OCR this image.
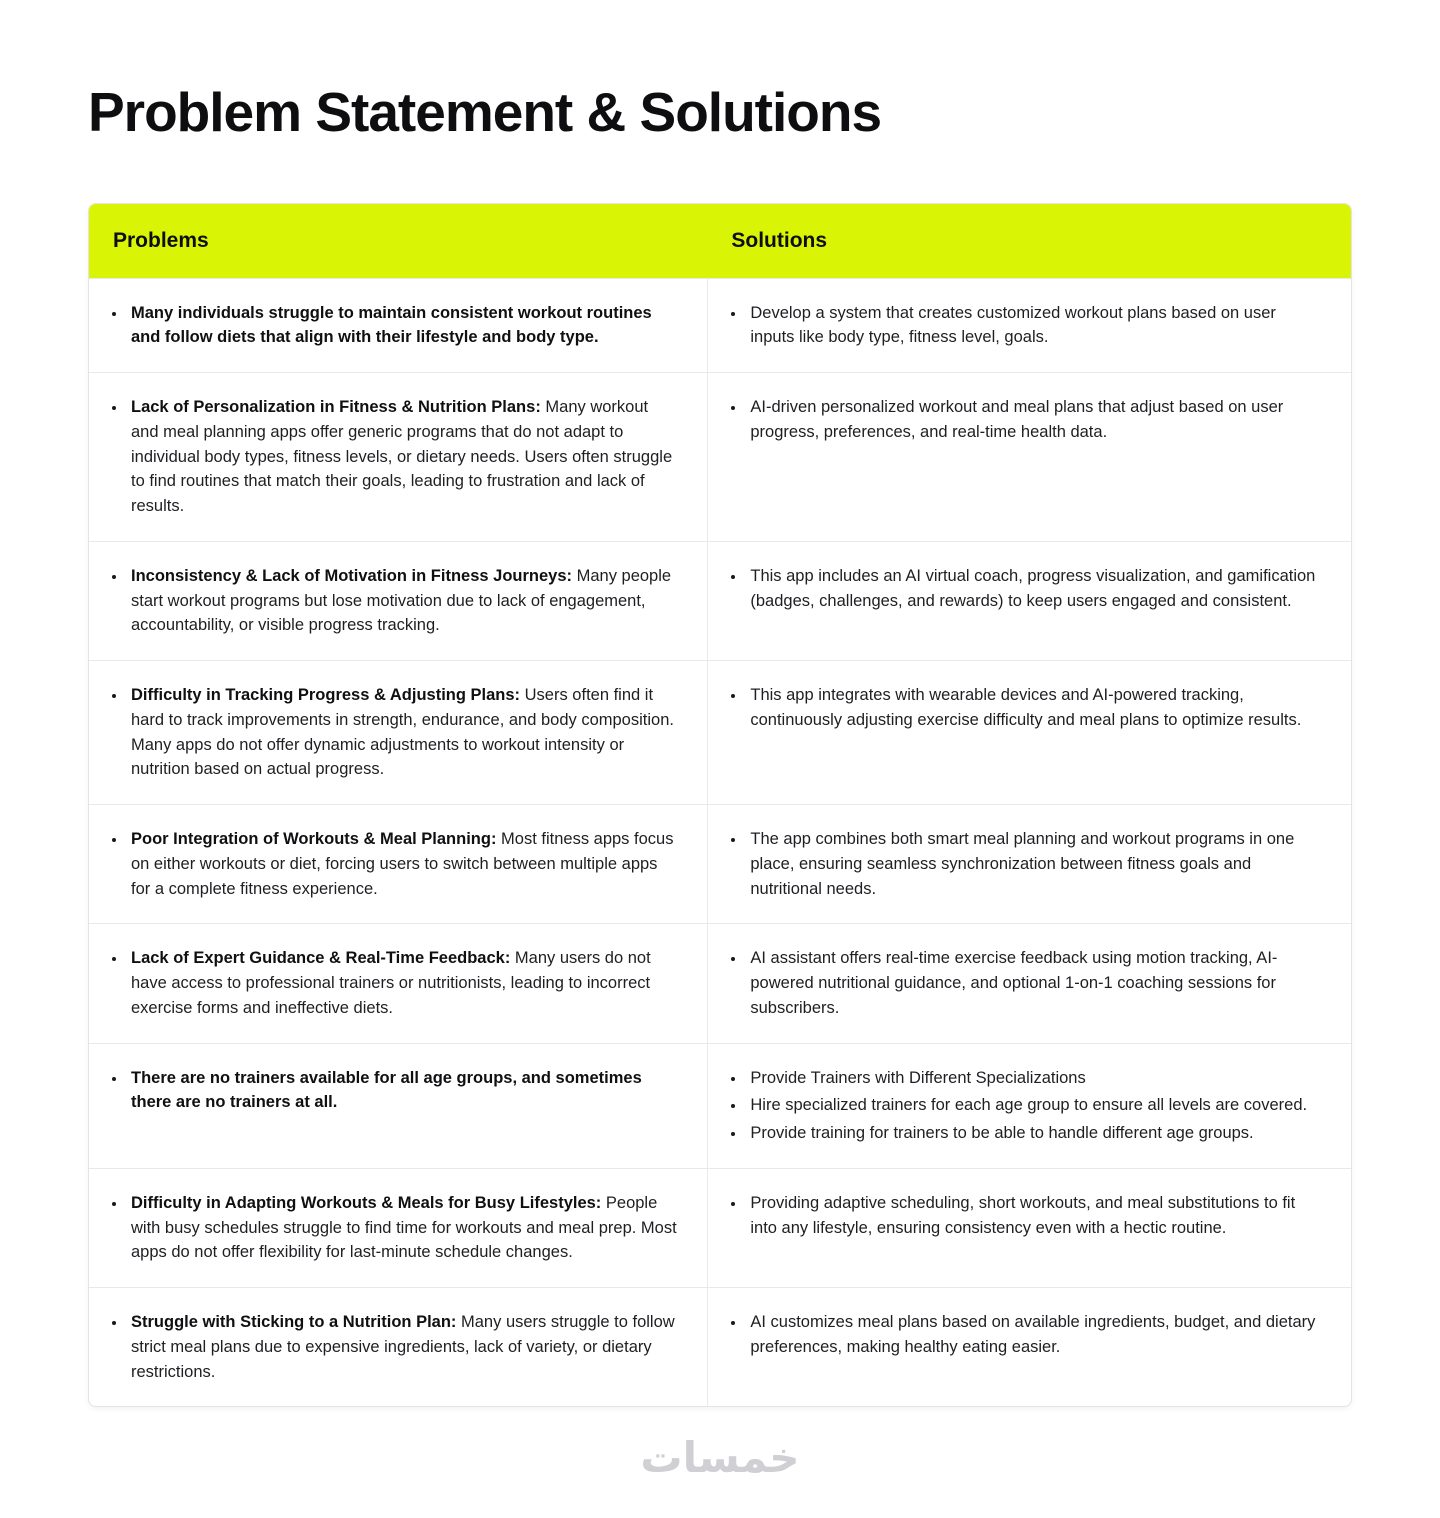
Problem Statement & Solutions
Problems	Solutions
• Many individuals struggle to maintain consistent workout routines and follow diets that align with their lifestyle and body type.
• Develop a system that creates customized workout plans based on user inputs like body type, fitness level, goals.
• Lack of Personalization in Fitness & Nutrition Plans: Many workout and meal planning apps offer generic programs that do not adapt to individual body types, fitness levels, or dietary needs. Users often struggle to find routines that match their goals, leading to frustration and lack of results.
• AI-driven personalized workout and meal plans that adjust based on user progress, preferences, and real-time health data.
• Inconsistency & Lack of Motivation in Fitness Journeys: Many people start workout programs but lose motivation due to lack of engagement, accountability, or visible progress tracking.
• This app includes an AI virtual coach, progress visualization, and gamification (badges, challenges, and rewards) to keep users engaged and consistent.
• Difficulty in Tracking Progress & Adjusting Plans: Users often find it hard to track improvements in strength, endurance, and body composition. Many apps do not offer dynamic adjustments to workout intensity or nutrition based on actual progress.
• This app integrates with wearable devices and AI-powered tracking, continuously adjusting exercise difficulty and meal plans to optimize results.
• Poor Integration of Workouts & Meal Planning: Most fitness apps focus on either workouts or diet, forcing users to switch between multiple apps for a complete fitness experience.
• The app combines both smart meal planning and workout programs in one place, ensuring seamless synchronization between fitness goals and nutritional needs.
• Lack of Expert Guidance & Real-Time Feedback: Many users do not have access to professional trainers or nutritionists, leading to incorrect exercise forms and ineffective diets.
• AI assistant offers real-time exercise feedback using motion tracking, AI-powered nutritional guidance, and optional 1-on-1 coaching sessions for subscribers.
• There are no trainers available for all age groups, and sometimes there are no trainers at all.
• Provide Trainers with Different Specializations
• Hire specialized trainers for each age group to ensure all levels are covered.
• Provide training for trainers to be able to handle different age groups.
• Difficulty in Adapting Workouts & Meals for Busy Lifestyles: People with busy schedules struggle to find time for workouts and meal prep. Most apps do not offer flexibility for last-minute schedule changes.
• Providing adaptive scheduling, short workouts, and meal substitutions to fit into any lifestyle, ensuring consistency even with a hectic routine.
• Struggle with Sticking to a Nutrition Plan: Many users struggle to follow strict meal plans due to expensive ingredients, lack of variety, or dietary restrictions.
• AI customizes meal plans based on available ingredients, budget, and dietary preferences, making healthy eating easier.
خمسات
